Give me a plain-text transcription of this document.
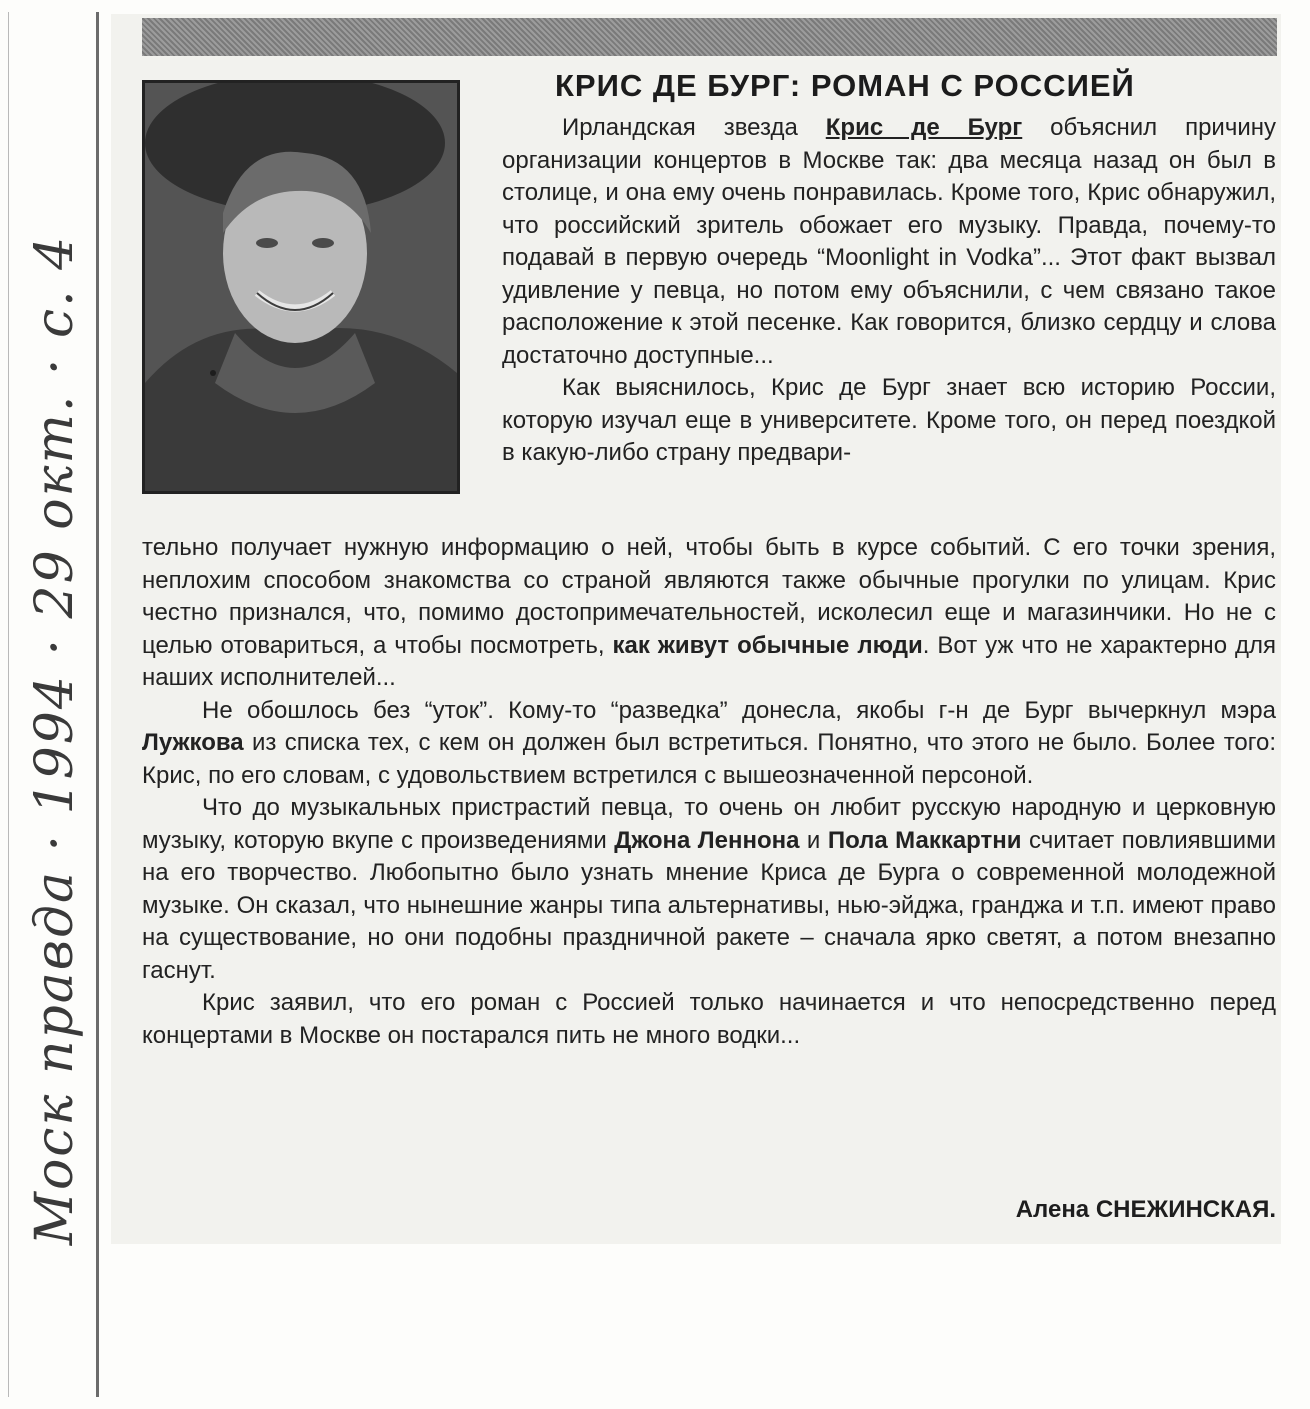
Моск правда · 1994 · 29 окт. · с. 4
КРИС ДЕ БУРГ: РОМАН С РОССИЕЙ

Ирландская звезда Крис де Бург объяснил причину организации концертов в Москве так: два месяца назад он был в столице, и она ему очень понравилась. Кроме того, Крис обнаружил, что российский зритель обожает его музыку. Правда, почему-то подавай в первую очередь “Moonlight in Vodka”... Этот факт вызвал удивление у певца, но потом ему объяснили, с чем связано такое расположение к этой песенке. Как говорится, близко сердцу и слова достаточно доступные...

Как выяснилось, Крис де Бург знает всю историю России, которую изучал еще в университете. Кроме того, он перед поездкой в какую-либо страну предвари-

тельно получает нужную информацию о ней, чтобы быть в курсе событий. С его точки зрения, неплохим способом знакомства со страной являются также обычные прогулки по улицам. Крис честно признался, что, помимо достопримечательностей, исколесил еще и магазинчики. Но не с целью отовариться, а чтобы посмотреть, как живут обычные люди. Вот уж что не характерно для наших исполнителей...

Не обошлось без “уток”. Кому-то “разведка” донесла, якобы г-н де Бург вычеркнул мэра Лужкова из списка тех, с кем он должен был встретиться. Понятно, что этого не было. Более того: Крис, по его словам, с удовольствием встретился с вышеозначенной персоной.

Что до музыкальных пристрастий певца, то очень он любит русскую народную и церковную музыку, которую вкупе с произведениями Джона Леннона и Пола Маккартни считает повлиявшими на его творчество. Любопытно было узнать мнение Криса де Бурга о современной молодежной музыке. Он сказал, что нынешние жанры типа альтернативы, нью-эйджа, гранджа и т.п. имеют право на существование, но они подобны праздничной ракете – сначала ярко светят, а потом внезапно гаснут.

Крис заявил, что его роман с Россией только начинается и что непосредственно перед концертами в Москве он постарался пить не много водки...

Алена СНЕЖИНСКАЯ.
